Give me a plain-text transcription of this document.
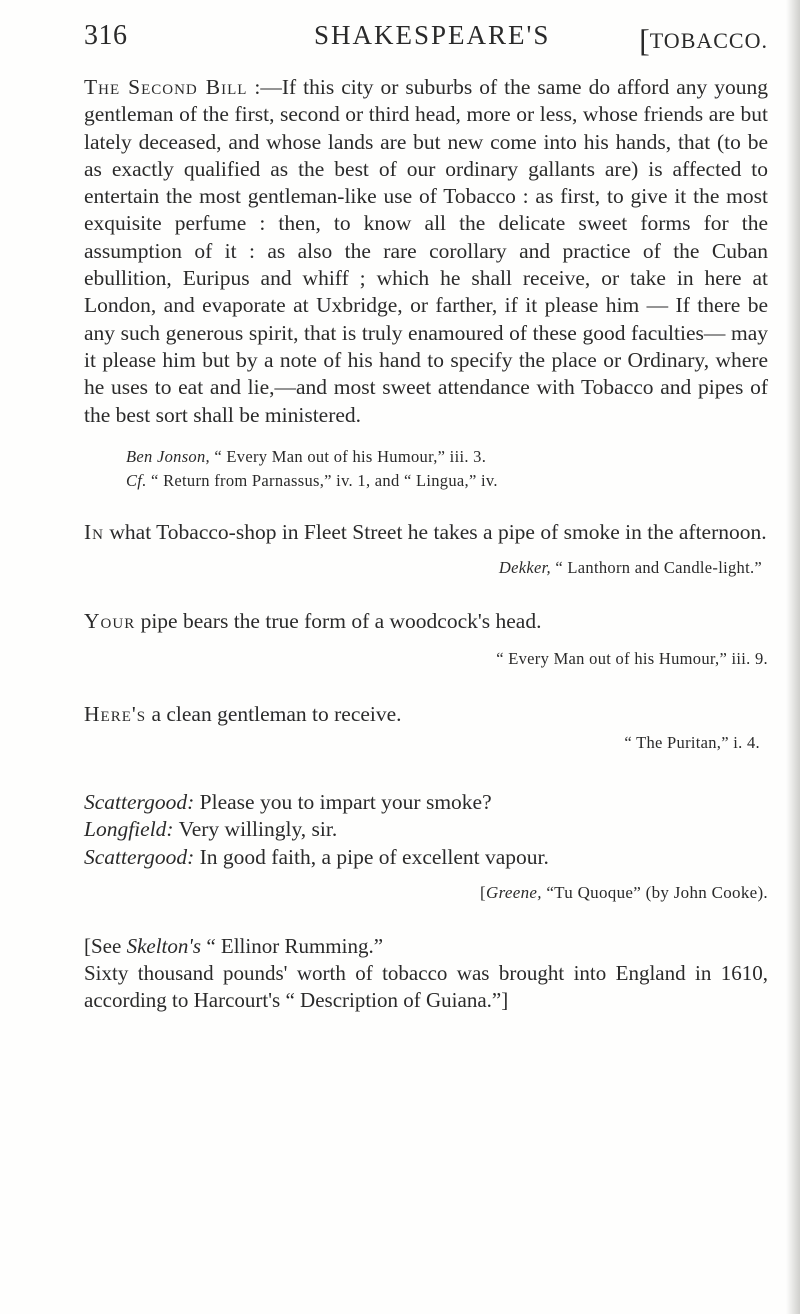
316	SHAKESPEARE'S	[TOBACCO.

The Second Bill :—If this city or suburbs of the same do afford any young gentleman of the first, second or third head, more or less, whose friends are but lately deceased, and whose lands are but new come into his hands, that (to be as exactly qualified as the best of our ordinary gallants are) is affected to entertain the most gentleman-like use of Tobacco : as first, to give it the most exquisite perfume : then, to know all the delicate sweet forms for the assumption of it : as also the rare corollary and practice of the Cuban ebullition, Euripus and whiff ; which he shall receive, or take in here at London, and evaporate at Uxbridge, or farther, if it please him — If there be any such generous spirit, that is truly enamoured of these good faculties— may it please him but by a note of his hand to specify the place or Ordinary, where he uses to eat and lie,—and most sweet attendance with Tobacco and pipes of the best sort shall be ministered.

Ben Jonson, “ Every Man out of his Humour,” iii. 3.
Cf. “ Return from Parnassus,” iv. 1, and “ Lingua,” iv.

In what Tobacco-shop in Fleet Street he takes a pipe of smoke in the afternoon.

Dekker, “ Lanthorn and Candle-light.”

Your pipe bears the true form of a woodcock's head.

“ Every Man out of his Humour,” iii. 9.

Here's a clean gentleman to receive.

“ The Puritan,” i. 4.

Scattergood: Please you to impart your smoke?

Longfield: Very willingly, sir.

Scattergood: In good faith, a pipe of excellent vapour.

[Greene, “Tu Quoque” (by John Cooke).

[See Skelton's “ Ellinor Rumming.”

Sixty thousand pounds' worth of tobacco was brought into England in 1610, according to Harcourt's “ Description of Guiana.”]
